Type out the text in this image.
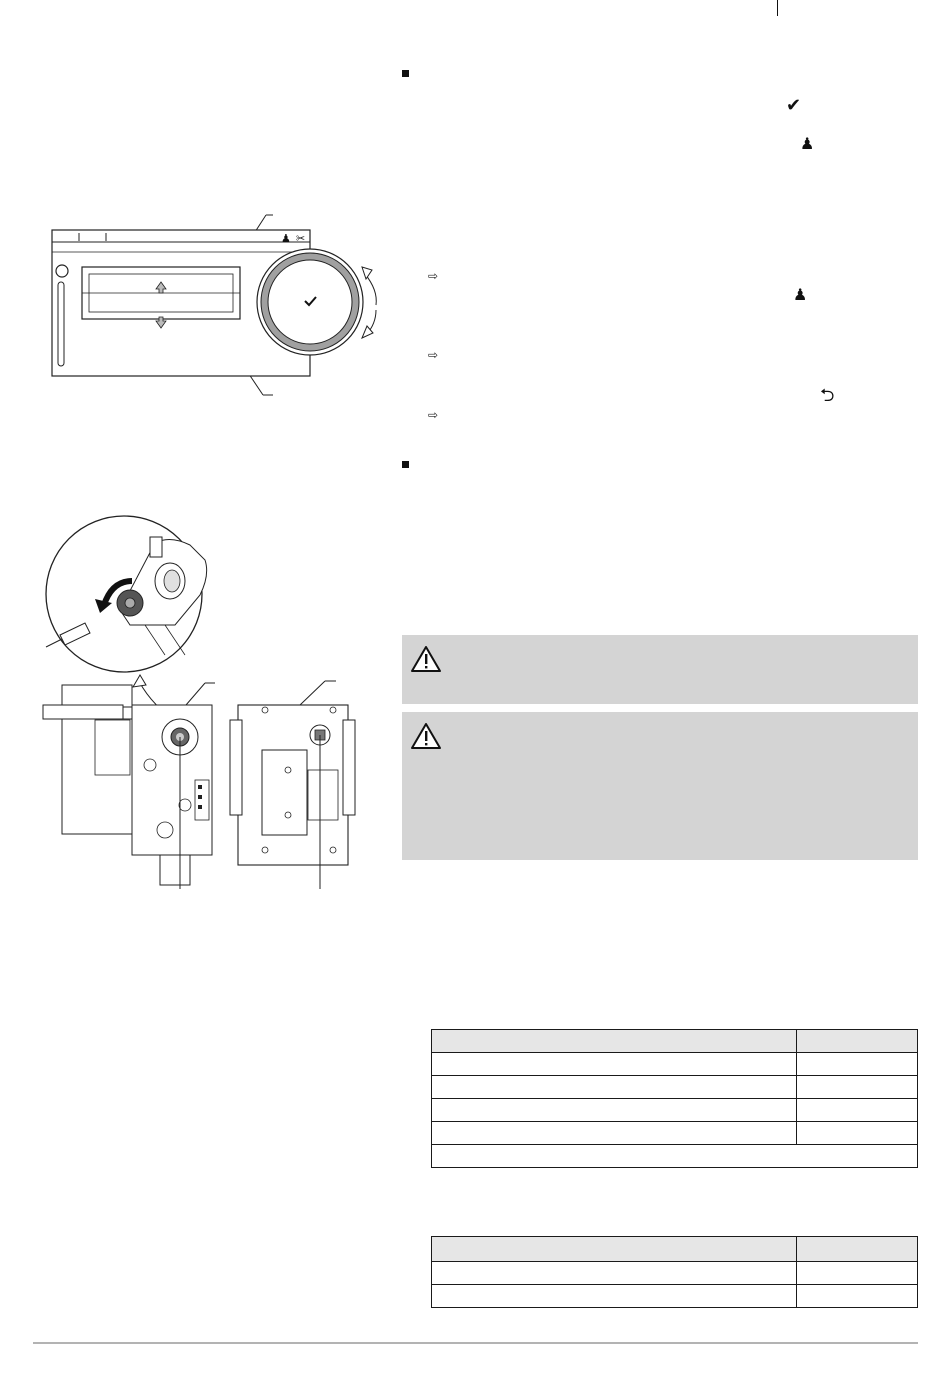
♟ ✂
✔
♟
⇨
♟
⇨
⮌
⇨
